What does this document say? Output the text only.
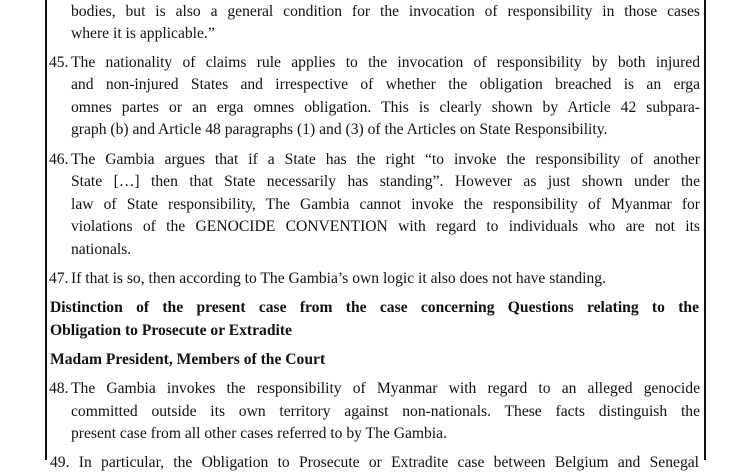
bodies, but is also a general condition for the invocation of responsibility in those cases
where it is applicable.”
45. The nationality of claims rule applies to the invocation of responsibility by both injured
and non-injured States and irrespective of whether the obligation breached is an erga
omnes partes or an erga omnes obligation. This is clearly shown by Article 42 subpara-
graph (b) and Article 48 paragraphs (1) and (3) of the Articles on State Responsibility.
46. The Gambia argues that if a State has the right “to invoke the responsibility of another
State […] then that State necessarily has standing”. However as just shown under the
law of State responsibility, The Gambia cannot invoke the responsibility of Myanmar for
violations of the GENOCIDE CONVENTION with regard to individuals who are not its
nationals.
47. If that is so, then according to The Gambia’s own logic it also does not have standing.
Distinction of the present case from the case concerning Questions relating to the
Obligation to Prosecute or Extradite
Madam President, Members of the Court
48. The Gambia invokes the responsibility of Myanmar with regard to an alleged genocide
committed outside its own territory against non-nationals. These facts distinguish the
present case from all other cases referred to by The Gambia.
49. In particular, the Obligation to Prosecute or Extradite case between Belgium and Senegal
